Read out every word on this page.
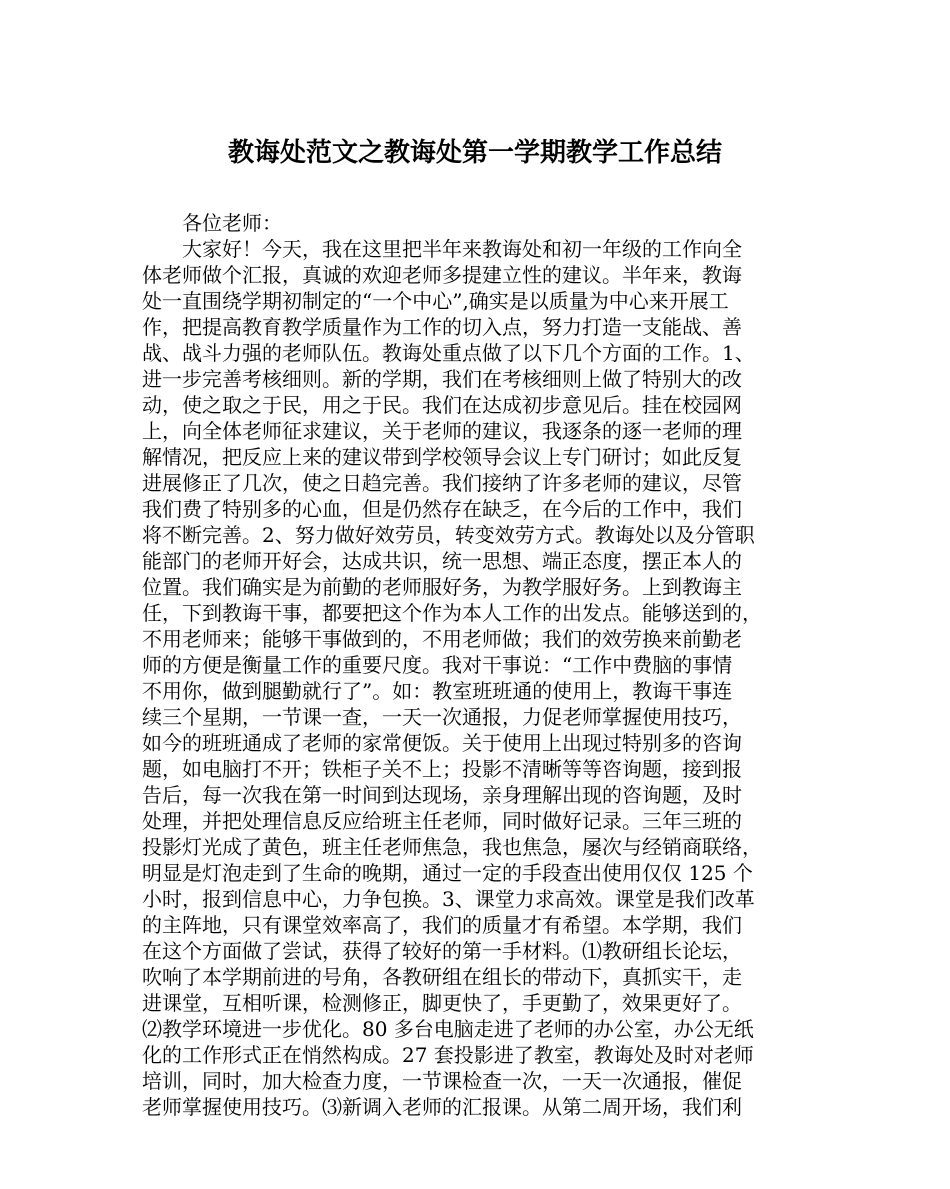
教诲处范文之教诲处第一学期教学工作总结
各位老师：
大家好！今天，我在这里把半年来教诲处和初一年级的工作向全
体老师做个汇报，真诚的欢迎老师多提建立性的建议。半年来，教诲
处一直围绕学期初制定的“一个中心”,确实是以质量为中心来开展工
作，把提高教育教学质量作为工作的切入点，努力打造一支能战、善
战、战斗力强的老师队伍。教诲处重点做了以下几个方面的工作。1、
进一步完善考核细则。新的学期，我们在考核细则上做了特别大的改
动，使之取之于民，用之于民。我们在达成初步意见后。挂在校园网
上，向全体老师征求建议，关于老师的建议，我逐条的逐一老师的理
解情况，把反应上来的建议带到学校领导会议上专门研讨；如此反复
进展修正了几次，使之日趋完善。我们接纳了许多老师的建议，尽管
我们费了特别多的心血，但是仍然存在缺乏，在今后的工作中，我们
将不断完善。2、努力做好效劳员，转变效劳方式。教诲处以及分管职
能部门的老师开好会，达成共识，统一思想、端正态度，摆正本人的
位置。我们确实是为前勤的老师服好务，为教学服好务。上到教诲主
任，下到教诲干事，都要把这个作为本人工作的出发点。能够送到的，
不用老师来；能够干事做到的，不用老师做；我们的效劳换来前勤老
师的方便是衡量工作的重要尺度。我对干事说：“工作中费脑的事情
不用你，做到腿勤就行了”。如：教室班班通的使用上，教诲干事连
续三个星期，一节课一查，一天一次通报，力促老师掌握使用技巧，
如今的班班通成了老师的家常便饭。关于使用上出现过特别多的咨询
题，如电脑打不开；铁柜子关不上；投影不清晰等等咨询题，接到报
告后，每一次我在第一时间到达现场，亲身理解出现的咨询题，及时
处理，并把处理信息反应给班主任老师，同时做好记录。三年三班的
投影灯光成了黄色，班主任老师焦急，我也焦急，屡次与经销商联络，
明显是灯泡走到了生命的晚期，通过一定的手段查出使用仅仅 125 个
小时，报到信息中心，力争包换。3、课堂力求高效。课堂是我们改革
的主阵地，只有课堂效率高了，我们的质量才有希望。本学期，我们
在这个方面做了尝试，获得了较好的第一手材料。⑴教研组长论坛，
吹响了本学期前进的号角，各教研组在组长的带动下，真抓实干，走
进课堂，互相听课，检测修正，脚更快了，手更勤了，效果更好了。
⑵教学环境进一步优化。80 多台电脑走进了老师的办公室，办公无纸
化的工作形式正在悄然构成。27 套投影进了教室，教诲处及时对老师
培训，同时，加大检查力度，一节课检查一次，一天一次通报，催促
老师掌握使用技巧。⑶新调入老师的汇报课。从第二周开场，我们利
